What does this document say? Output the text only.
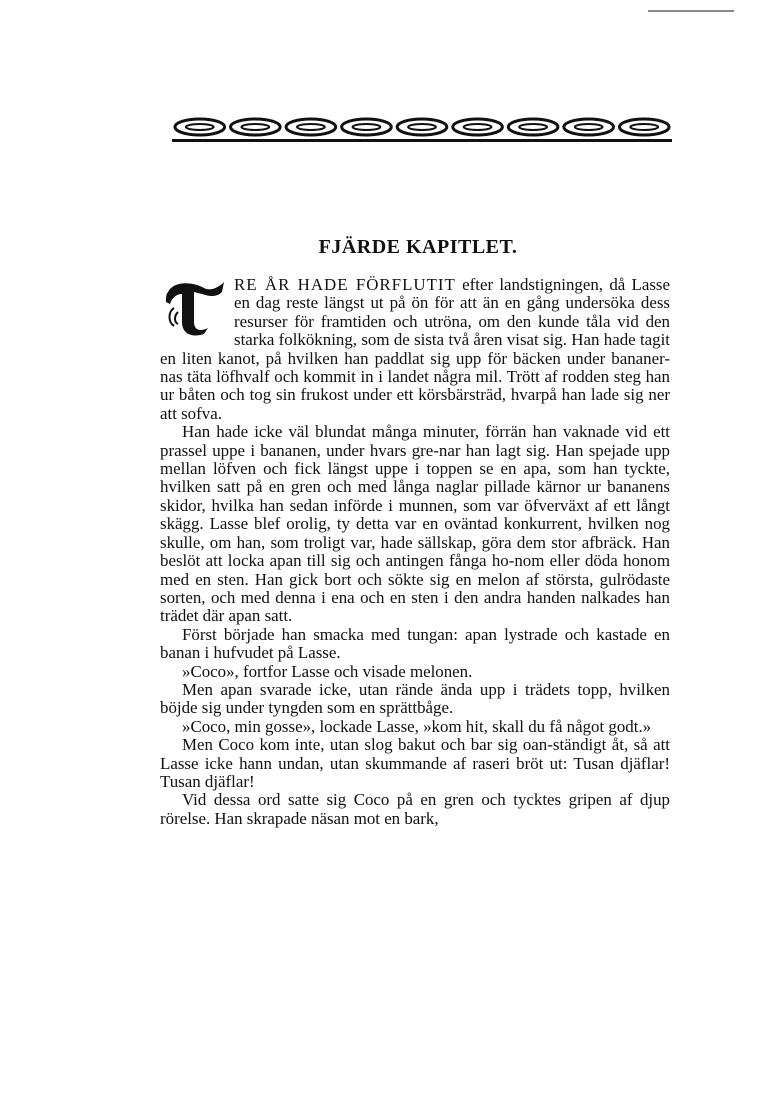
FJÄRDE KAPITLET.

T
RE ÅR HADE FÖRFLUTIT efter landstigningen, då Lasse en dag reste längst ut på ön för att än en gång undersöka dess resurser för framtiden och utröna, om den kunde tåla vid den starka folkökning, som de sista två åren visat sig. Han hade tagit en liten kanot, på hvilken han paddlat sig upp för bäcken under bananer-nas täta löfhvalf och kommit in i landet några mil. Trött af rodden steg han ur båten och tog sin frukost under ett körsbärsträd, hvarpå han lade sig ner att sofva.

Han hade icke väl blundat många minuter, förrän han vaknade vid ett prassel uppe i bananen, under hvars gre-nar han lagt sig. Han spejade upp mellan löfven och fick längst uppe i toppen se en apa, som han tyckte, hvilken satt på en gren och med långa naglar pillade kärnor ur bananens skidor, hvilka han sedan införde i munnen, som var öfverväxt af ett långt skägg. Lasse blef orolig, ty detta var en oväntad konkurrent, hvilken nog skulle, om han, som troligt var, hade sällskap, göra dem stor afbräck. Han beslöt att locka apan till sig och antingen fånga ho-nom eller döda honom med en sten. Han gick bort och sökte sig en melon af största, gulrödaste sorten, och med denna i ena och en sten i den andra handen nalkades han trädet där apan satt.

Först började han smacka med tungan: apan lystrade och kastade en banan i hufvudet på Lasse.

»Coco», fortfor Lasse och visade melonen.

Men apan svarade icke, utan rände ända upp i trädets topp, hvilken böjde sig under tyngden som en sprättbåge.

»Coco, min gosse», lockade Lasse, »kom hit, skall du få något godt.»

Men Coco kom inte, utan slog bakut och bar sig oan-ständigt åt, så att Lasse icke hann undan, utan skummande af raseri bröt ut: Tusan djäflar! Tusan djäflar!

Vid dessa ord satte sig Coco på en gren och tycktes gripen af djup rörelse. Han skrapade näsan mot en bark,
